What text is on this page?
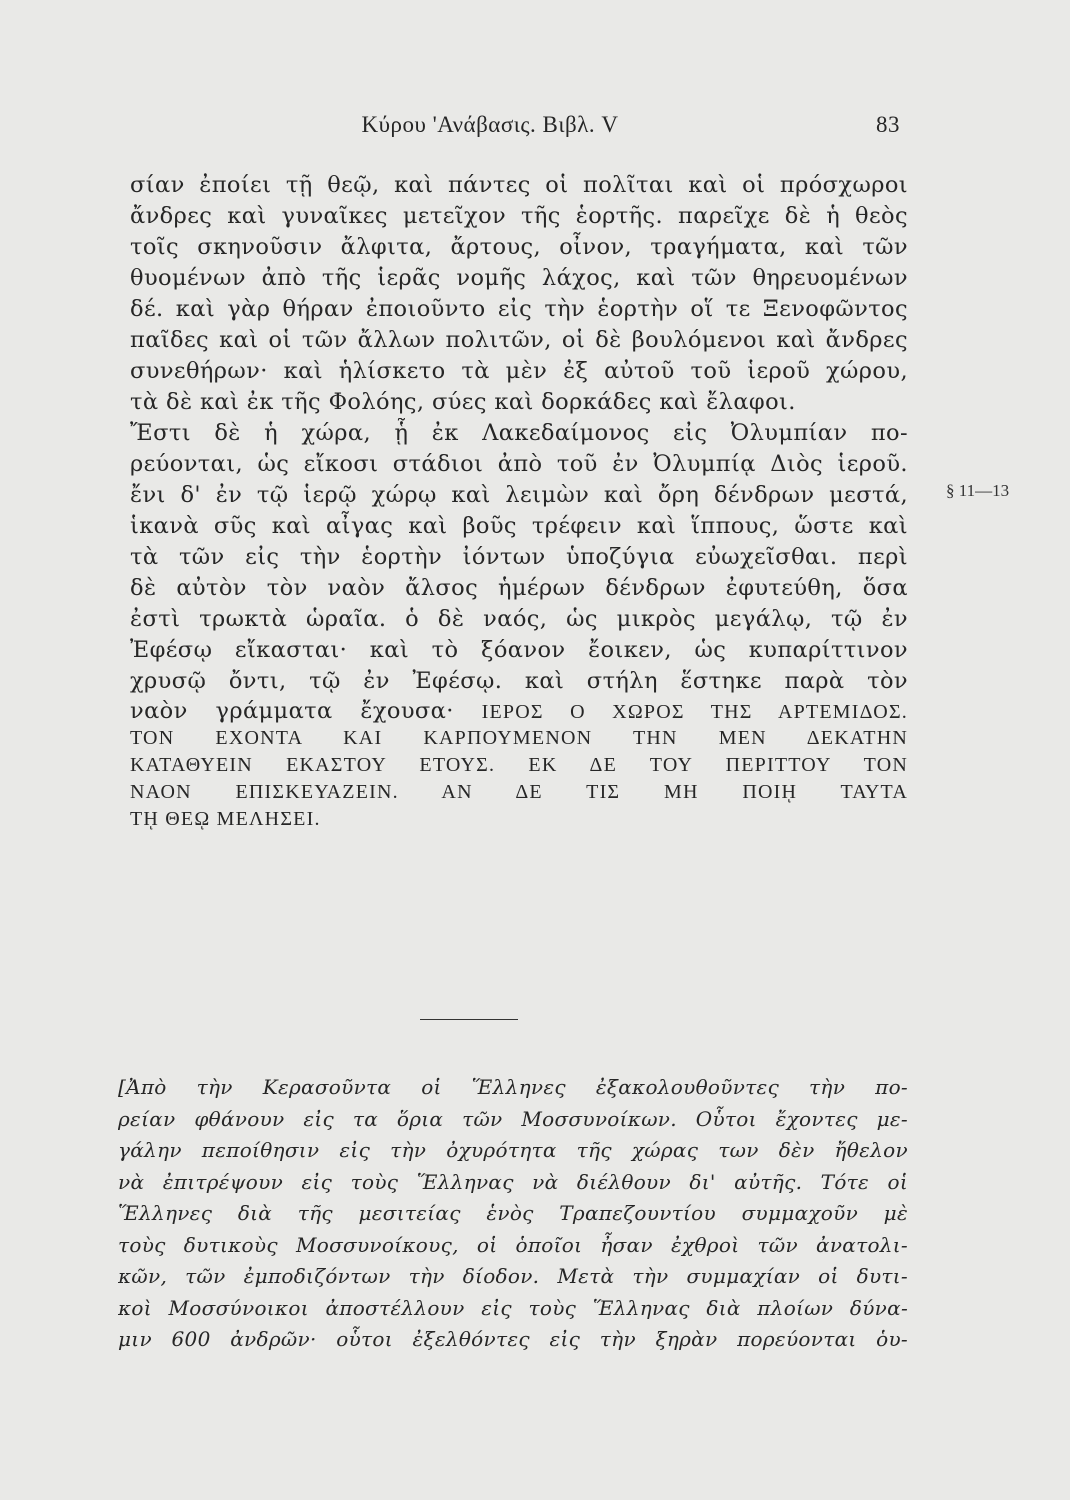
Κύρου 'Ανάβασις. Βιβλ. V	83
σίαν ἐποίει τῇ θεῷ, καὶ πάντες οἱ πολῖται καὶ οἱ πρόσχωροι
ἄνδρες καὶ γυναῖκες μετεῖχον τῆς ἑορτῆς. παρεῖχε δὲ ἡ θεὸς
τοῖς σκηνοῦσιν ἄλφιτα, ἄρτους, οἶνον, τραγήματα, καὶ τῶν
θυομένων ἀπὸ τῆς ἱερᾶς νομῆς λάχος, καὶ τῶν θηρευομένων
δέ. καὶ γὰρ θήραν ἐποιοῦντο εἰς τὴν ἑορτὴν οἵ τε Ξενοφῶντος
παῖδες καὶ οἱ τῶν ἄλλων πολιτῶν, οἱ δὲ βουλόμενοι καὶ ἄνδρες
συνεθήρων· καὶ ἡλίσκετο τὰ μὲν ἐξ αὐτοῦ τοῦ ἱεροῦ χώρου,
τὰ δὲ καὶ ἐκ τῆς Φολόης, σύες καὶ δορκάδες καὶ ἔλαφοι.
Ἔστι δὲ ἡ χώρα, ᾗ ἐκ Λακεδαίμονος εἰς Ὀλυμπίαν πο-
ρεύονται, ὡς εἴκοσι στάδιοι ἀπὸ τοῦ ἐν Ὀλυμπίᾳ Διὸς ἱεροῦ.
ἔνι δ' ἐν τῷ ἱερῷ χώρῳ καὶ λειμὼν καὶ ὄρη δένδρων μεστά,
ἱκανὰ σῦς καὶ αἶγας καὶ βοῦς τρέφειν καὶ ἵππους, ὥστε καὶ
τὰ τῶν εἰς τὴν ἑορτὴν ἰόντων ὑποζύγια εὐωχεῖσθαι. περὶ
δὲ αὐτὸν τὸν ναὸν ἄλσος ἡμέρων δένδρων ἐφυτεύθη, ὅσα
ἐστὶ τρωκτὰ ὡραῖα. ὁ δὲ ναός, ὡς μικρὸς μεγάλῳ, τῷ ἐν
Ἐφέσῳ εἴκασται· καὶ τὸ ξόανον ἔοικεν, ὡς κυπαρίττινον
χρυσῷ ὄντι, τῷ ἐν Ἐφέσῳ. καὶ στήλη ἕστηκε παρὰ τὸν
ναὸν γράμματα ἔχουσα· ΙΕΡΟΣ Ο ΧΩΡΟΣ ΤΗΣ ΑΡΤΕΜΙΔΟΣ.
ΤΟΝ ΕΧΟΝΤΑ ΚΑΙ ΚΑΡΠΟΥΜΕΝΟΝ ΤΗΝ ΜΕΝ ΔΕΚΑΤΗΝ
ΚΑΤΑΘΥΕΙΝ ΕΚΑΣΤΟΥ ΕΤΟΥΣ. ΕΚ ΔΕ ΤΟΥ ΠΕΡΙΤΤΟΥ ΤΟΝ
ΝΑΟΝ ΕΠΙΣΚΕΥΑΖΕΙΝ. ΑΝ ΔΕ ΤΙΣ ΜΗ ΠΟΙῌ ΤΑΥΤΑ
Τῌ ΘΕῼ ΜΕΛΗΣΕΙ.
§ 11—13
[Ἀπὸ τὴν Κερασοῦντα οἱ Ἕλληνες ἐξακολουθοῦντες τὴν πο-
ρείαν φθάνουν εἰς τα ὅρια τῶν Μοσσυνοίκων. Οὗτοι ἔχοντες με-
γάλην πεποίθησιν εἰς τὴν ὀχυρότητα τῆς χώρας των δὲν ἤθελον
νὰ ἐπιτρέψουν εἰς τοὺς Ἕλληνας νὰ διέλθουν δι' αὐτῆς. Τότε οἱ
Ἕλληνες διὰ τῆς μεσιτείας ἑνὸς Τραπεζουντίου συμμαχοῦν μὲ
τοὺς δυτικοὺς Μοσσυνοίκους, οἱ ὁποῖοι ἦσαν ἐχθροὶ τῶν ἀνατολι-
κῶν, τῶν ἐμποδιζόντων τὴν δίοδον. Μετὰ τὴν συμμαχίαν οἱ δυτι-
κοὶ Μοσσύνοικοι ἀποστέλλουν εἰς τοὺς Ἕλληνας διὰ πλοίων δύνα-
μιν 600 ἀνδρῶν· οὗτοι ἐξελθόντες εἰς τὴν ξηρὰν πορεύονται ὁυ-
